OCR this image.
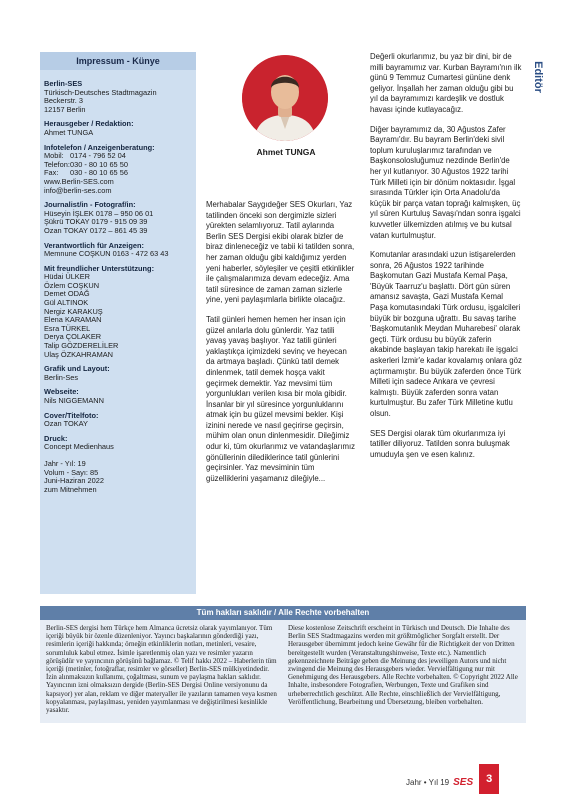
Impressum - Künye
Berlin-SES
Türkisch-Deutsches Stadtmagazin
Beckerstr. 3
12157 Berlin
Herausgeber / Redaktion:
Ahmet TUNGA
Infotelefon / Anzeigenberatung:
Mobil: 0174 - 796 52 04
Telefon: 030 - 80 10 65 50
Fax:	030 - 80 10 65 56
www.Berlin-SES.com
info@berlin-ses.com
Journalist/in - Fotograf/in:
Hüseyin İŞLEK 0178 – 950 06 01
Şükrü TOKAY 0179 - 915 09 39
Ozan TOKAY 0172 – 861 45 39
Verantwortlich für Anzeigen:
Memnune COŞKUN 0163 - 472 63 43
Mit freundlicher Unterstützung:
Hüdai ÜLKER
Özlem COŞKUN
Demet ODAĞ
Gül ALTINOK
Nergiz KARAKUŞ
Elena KARAMAN
Esra TÜRKEL
Derya ÇOLAKER
Talip GÖZDERELİLER
Ulaş ÖZKAHRAMAN
Grafik und Layout:
Berlin-Ses
Webseite:
Nils NIGGEMANN
Cover/Titelfoto:
Ozan TOKAY
Druck:
Concept Medienhaus
Jahr - Yıl: 19
Volum - Sayı: 85
Juni-Haziran 2022
zum Mitnehmen
Ahmet TUNGA
Editör

Merhabalar Saygıdeğer SES Okurları, Yaz tatilinden önceki son dergimizle sizleri yürekten selamlıyoruz. Tatil aylarında Berlin SES Dergisi ekibi olarak bizler de biraz dinleneceğiz ve tabii ki tatilden sonra, her zaman olduğu gibi kaldığımız yerden yeni haberler, söyleşiler ve çeşitli etkinlikler ile çalışmalarımıza devam edeceğiz. Ama tatil süresince de zaman zaman sizlerle yine, yeni paylaşımlarla birlikte olacağız.

Tatil günleri hemen hemen her insan için güzel anılarla dolu günlerdir. Yaz tatili yavaş yavaş başlıyor. Yaz tatili günleri yaklaştıkça içimizdeki sevinç ve heyecan da artmaya başladı. Çünkü tatil demek dinlenmek, tatil demek hoşça vakit geçirmek demektir. Yaz mevsimi tüm yorgunlukları verilen kısa bir mola gibidir. İnsanlar bir yıl süresince yorgunluklarını atmak için bu güzel mevsimi bekler. Kişi izinini nerede ve nasıl geçirirse geçirsin, mühim olan onun dinlenmesidir. Dileğimiz odur ki, tüm okurlarımız ve vatandaşlarımız gönüllerinin dilediklerince tatil günlerini geçirsinler. Yaz mevsiminin tüm güzelliklerini yaşamanız dileğiyle...

Değerli okurlarımız, bu yaz bir dini, bir de milli bayramımız var. Kurban Bayramı'nın ilk günü 9 Temmuz Cumartesi gününe denk geliyor. İnşallah her zaman olduğu gibi bu yıl da bayramımızı kardeşlik ve dostluk havası içinde kutlayacağız.

Diğer bayramımız da, 30 Ağustos Zafer Bayramı'dır. Bu bayram Berlin'deki sivil toplum kuruluşlarımız tarafından ve Başkonsolosluğumuz nezdinde Berlin'de her yıl kutlanıyor. 30 Ağustos 1922 tarihi Türk Milleti için bir dönüm noktasıdır. İşgal sırasında Türkler için Orta Anadolu'da küçük bir parça vatan toprağı kalmışken, üç yıl süren Kurtuluş Savaşı'ndan sonra işgalci kuvvetler ülkemizden atılmış ve bu kutsal vatan kurtulmuştur.

Komutanlar arasındaki uzun istişarelerden sonra, 26 Ağustos 1922 tarihinde Başkomutan Gazi Mustafa Kemal Paşa, 'Büyük Taarruz'u başlattı. Dört gün süren amansız savaşta, Gazi Mustafa Kemal Paşa komutasındaki Türk ordusu, işgalcileri büyük bir bozguna uğrattı. Bu savaş tarihe 'Başkomutanlık Meydan Muharebesi' olarak geçti. Türk ordusu bu büyük zaferin akabinde başlayan takip harekatı ile işgalci askerleri İzmir'e kadar kovalamış onlara göz açtırmamıştır. Bu büyük zaferden önce Türk Milleti için sadece Ankara ve çevresi kalmıştı. Büyük zaferden sonra vatan kurtulmuştur. Bu zafer Türk Milletine kutlu olsun.

SES Dergisi olarak tüm okurlarımıza iyi tatiller diliyoruz. Tatilden sonra buluşmak umuduyla şen ve esen kalınız.

Tüm hakları saklıdır / Alle Rechte vorbehalten
Berlin-SES dergisi hem Türkçe hem Almanca ücretsiz olarak yayımlanıyor. Tüm içeriği büyük bir özenle düzenleniyor. Yayıncı başkalarının gönderdiği yazı, resimlerin içeriği hakkında; örneğin etkinliklerin notları, metinleri, vesaire, sorumluluk kabul etmez. İsimle işaretlenmiş olan yazı ve resimler yazarın görüşüdür ve yayıncının görüşünü bağlamaz. © Telif hakkı 2022 – Haberlerin tüm içeriği (metinler, fotoğraflar, resimler ve görseller) Berlin-SES mülkiyetindedir. İzin alınmaksızın kullanımı, çoğaltması, sunum ve paylaşma hakları saklıdır. Yayıncının izni olmaksızın dergide (Berlin-SES Dergisi Online versiyonunu da kapsıyor) yer alan, reklam ve diğer materyaller ile yazıların tamamen veya kısmen kopyalanması, paylaşılması, yeniden yayımlanması ve değiştirilmesi kesinlikle yasaktır.
Diese kostenlose Zeitschrift erscheint in Türkisch und Deutsch. Die Inhalte des Berlin SES Stadtmagazins werden mit größtmöglicher Sorgfalt erstellt. Der Herausgeber übernimmt jedoch keine Gewähr für die Richtigkeit der von Dritten bereitgestellt wurden (Veranstaltungshinweise, Texte etc.). Namentlich gekennzeichnete Beiträge geben die Meinung des jeweiligen Autors und nicht zwingend die Meinung des Herausgebers wieder. Vervielfältigung nur mit Genehmigung des Herausgebers. Alle Rechte vorbehalten. © Copyright 2022 Alle Inhalte, insbesondere Fotografien, Werbungen, Texte und Grafiken sind urheberrechtlich geschützt. Alle Rechte, einschließlich der Vervielfältigung, Veröffentlichung, Bearbeitung und Übersetzung, bleiben vorbehalten.
Jahr • Yıl 19 SES	3
